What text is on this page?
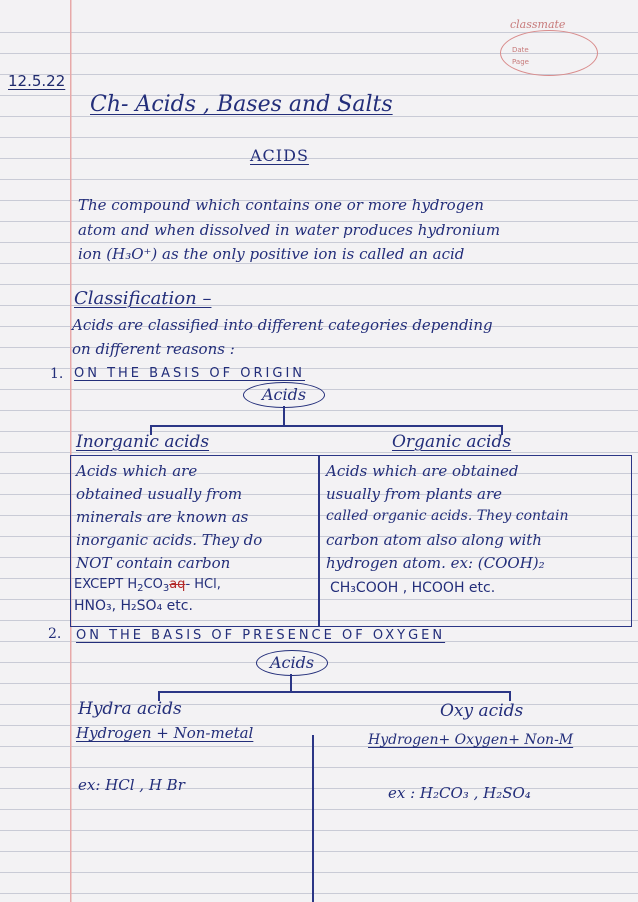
classmate
Date
Page
12.5.22
Ch- Acids , Bases and Salts
ACIDS
The compound which contains one or more hydrogen
atom and when dissolved in water produces hydronium
ion (H₃O⁺) as the only positive ion is called an acid
Classification –
Acids are classified into different categories depending
on different reasons :
1. ON THE BASIS OF ORIGIN
Acids
Inorganic acids	Organic acids
Acids which are
obtained usually from
minerals are known as
inorganic acids. They do
NOT contain carbon
EXCEPT $H_2CO_3aq-$ HCl,
HNO₃, H₂SO₄ etc.
Acids which are obtained
usually from plants are
called organic acids. They contain
carbon atom also along with
hydrogen atom. ex: (COOH)₂
CH₃COOH , HCOOH etc.
2. ON THE BASIS OF PRESENCE OF OXYGEN
Acids
Hydra acids
Hydrogen + Non-metal
ex: HCl , H Br
Oxy acids
Hydrogen+ Oxygen+ Non-M
ex : H₂CO₃ , H₂SO₄
